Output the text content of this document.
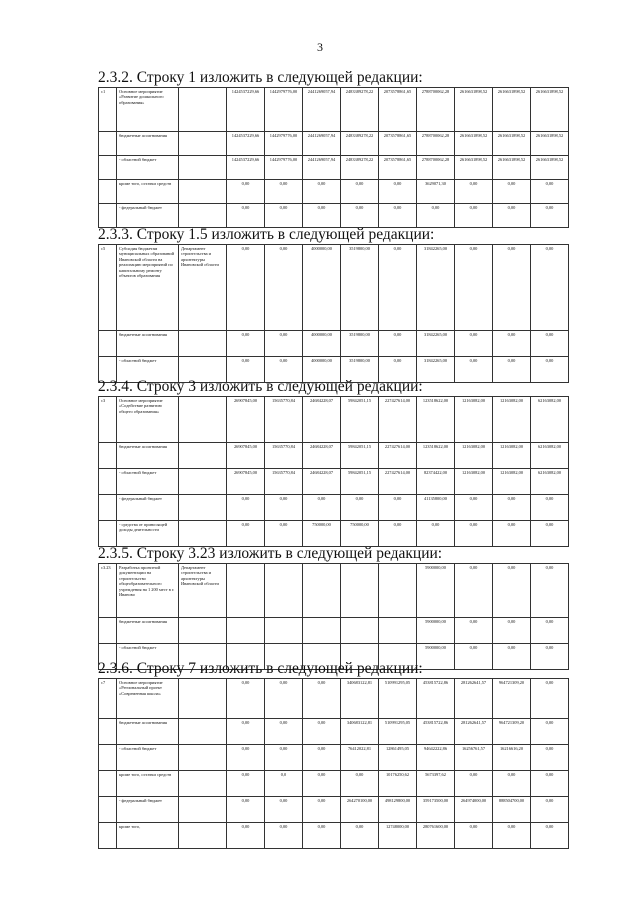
3
2.3.2. Строку 1 изложить в следующей редакции:
с1	Основное мероприятие «Развитие дошкольного образования»		1424537229,66	1442979776,00	2441269057,94	2483389278,22	2073578861,65	2788700062,28	2616631898,52	2616631898,52	2616631898,52
	бюджетные ассигнования		1424537229,66	1442979776,00	2441269057,94	2483389278,22	2073578861,65	2788700062,28	2616631898,52	2616631898,52	2616631898,52
	- областной бюджет		1424537229,66	1442979776,00	2441269057,94	2483389278,22	2073578861,65	2788700062,28	2616631898,52	2616631898,52	2616631898,52
	кроме того, остатки средств		0,00	0,00	0,00	0,00	0,00	3629071,30	0,00	0,00	0,00
	- федеральный бюджет		0,00	0,00	0,00	0,00	0,00	0,00	0,00	0,00	0,00
2.3.3. Строку 1.5 изложить в следующей редакции:
с5	Субсидия бюджетам муниципальных образований Ивановской области на реализацию мероприятий по капитальному ремонту объектов образования	Департамент строительства и архитектуры Ивановской области	0,00	0,00	4000000,00	3519800,00	0,00	31842265,00	0,00	0,00	0,00
	бюджетные ассигнования		0,00	0,00	4000000,00	3519800,00	0,00	31842265,00	0,00	0,00	0,00
	- областной бюджет		0,00	0,00	4000000,00	3519800,00	0,00	31842265,00	0,00	0,00	0,00
2.3.4. Строку 3 изложить в следующей редакции:
с3	Основное мероприятие «Содействие развитию общего образования»		26907845,00	15635770,84	24684228,07	59842051,15	227427614,00	123518622,00	12163082,00	12163082,00	62163082,00
	бюджетные ассигнования		26907845,00	15635770,84	24684228,07	59842051,15	227427614,00	123518622,00	12163082,00	12163082,00	62163082,00
	- областной бюджет		26907845,00	15635770,84	24684228,07	59842051,15	227427614,00	82374422,00	12163082,00	12163082,00	62163082,00
	- федеральный бюджет		0,00	0,00	0,00	0,00	0,00	41135800,00	0,00	0,00	0,00
	- средства от приносящей доходы деятельности		0,00	0,00	750000,00	750000,00	0,00	0,00	0,00	0,00	0,00
2.3.5. Строку 3.23 изложить в следующей редакции:
с3.23	Разработка проектной документации на строительство общеобразовательного учреждения на 1 200 мест в г. Иваново	Департамент строительства и архитектуры Ивановской области						5900000,00	0,00	0,00	0,00
	бюджетные ассигнования							5900000,00	0,00	0,00	0,00
	- областной бюджет							5900000,00	0,00	0,00	0,00
2.3.6. Строку 7 изложить в следующей редакции:
с7	Основное мероприятие «Региональный проект «Современная школа»		0,00	0,00	0,00	340683122,81	510991295,05	453815722,86	281262641,57	964721309,20	0,00
	бюджетные ассигнования		0,00	0,00	0,00	340683122,81	510991295,05	453815722,86	281262641,57	964721309,20	0,00
	- областной бюджет		0,00	0,00	0,00	76412022,81	12861495,05	94642222,86	16256761,57	16216616,20	0,00
	кроме того, остатки средств		0,00	0,0	0,00	0,00	10176250,62	5673397,62	0,00	0,00	0,00
	- федеральный бюджет		0,00	0,00	0,00	264270100,00	498129800,00	359173500,00	264974000,00	888504700,00	0,00
	кроме того,		0,00	0,00	0,00	0,00	12748000,00	280761600,00	0,00	0,00	0,00
